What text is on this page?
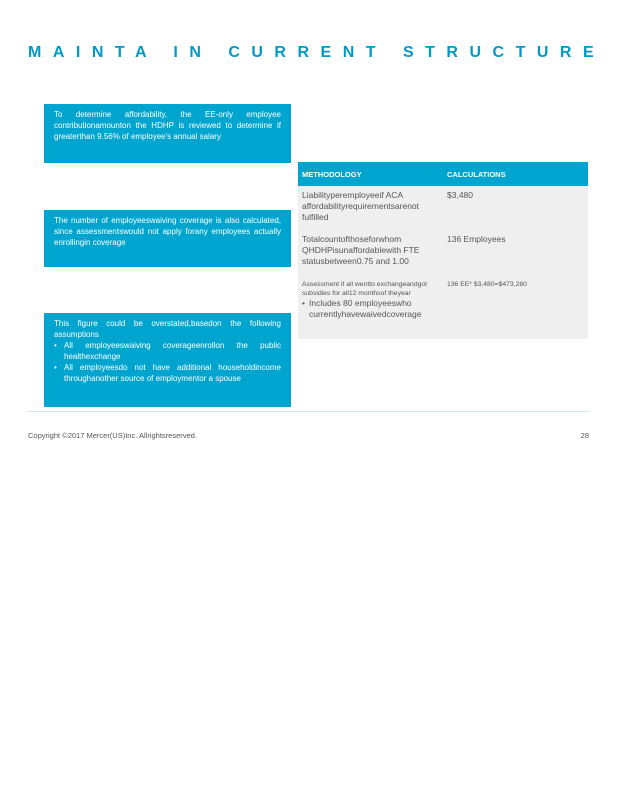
MAINTA IN CURRENT STRUCTURE

To determine affordability, the EE-only employee contributionamounton the HDHP is reviewed to determine if greaterthan 9.56% of employee's annual salary

The number of employeeswaiving coverage is also calculated, since assessmentswould not apply forany employees actually enrollingin coverage

This figure could be overstated,basedon the following assumptions

• All employeeswaiving coverageenrollon the public healthexchange
• All employeesdo not have additional householdincome throughanother source of employmentor a spouse
METHODOLOGY	CALCULATIONS
Liabilityperemployeeif ACA affordabilityrequirementsarenot fulfilled
$3,480
Totalcountofthoseforwhom QHDHPisunaffordablewith FTE statusbetween0.75 and 1.00
136 Employees
Assessment if all wentto exchangeandgot subsidies for all12 monthsof theyear
• Includes 80 employeeswho currentlyhavewaivedcoverage
136 EE* $3,480=$473,280
Copyright ©2017 Mercer(US)Inc. Allrightsreserved.	28
